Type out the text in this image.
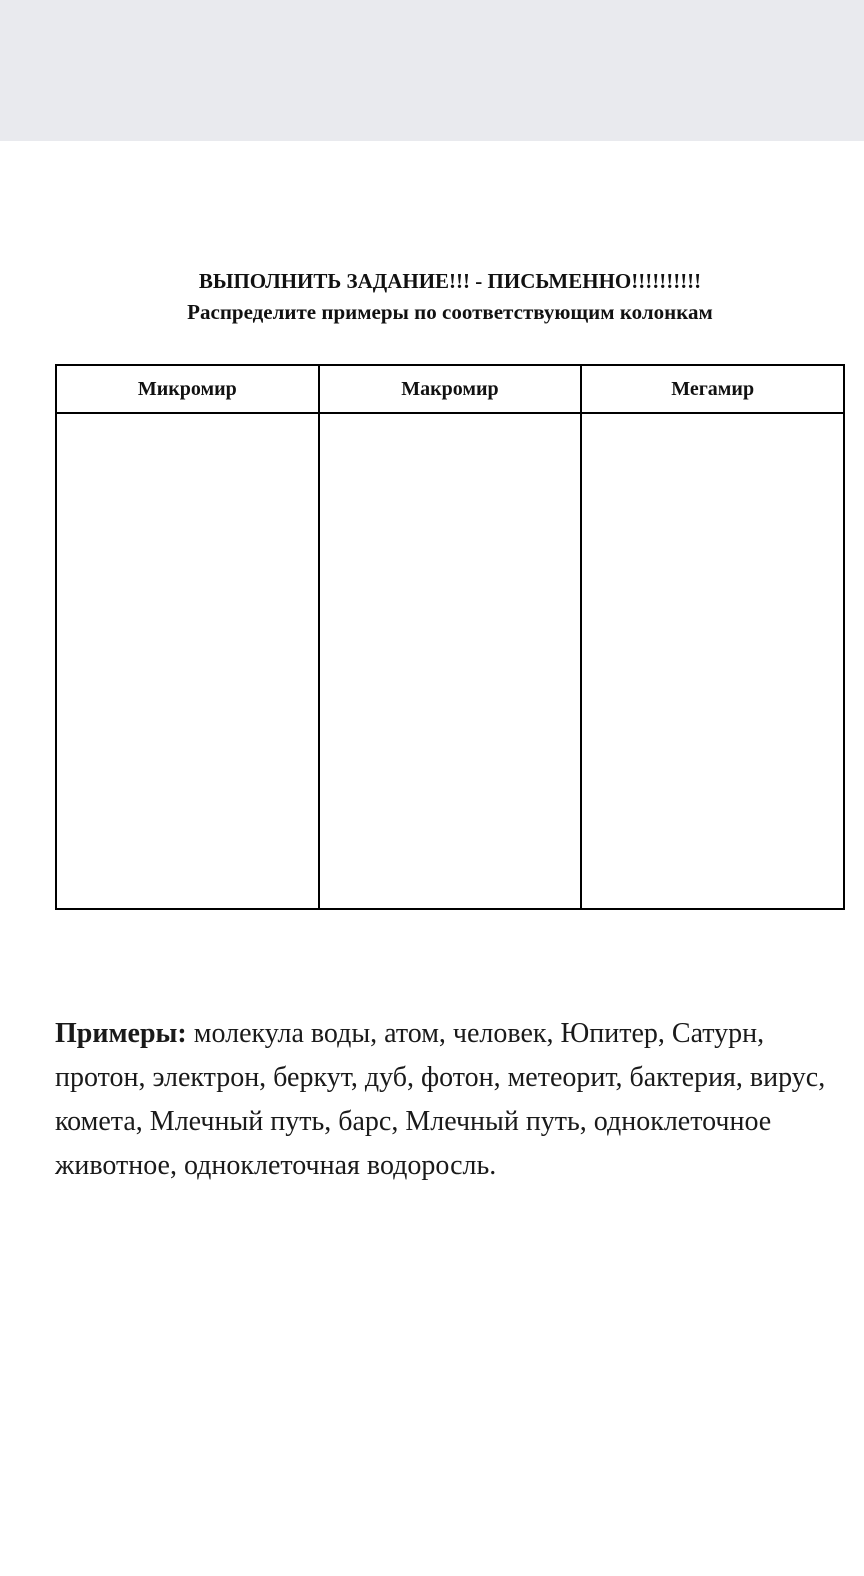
ВЫПОЛНИТЬ ЗАДАНИЕ!!! - ПИСЬМЕННО!!!!!!!!!!
Распределите примеры по соответствующим колонкам
Микромир	Макромир	Мегамир

Примеры: молекула воды, атом, человек, Юпитер, Сатурн, протон, электрон, беркут, дуб, фотон, метеорит, бактерия, вирус, комета, Млечный путь, барс, Млечный путь, одноклеточное животное, одноклеточная водоросль.
